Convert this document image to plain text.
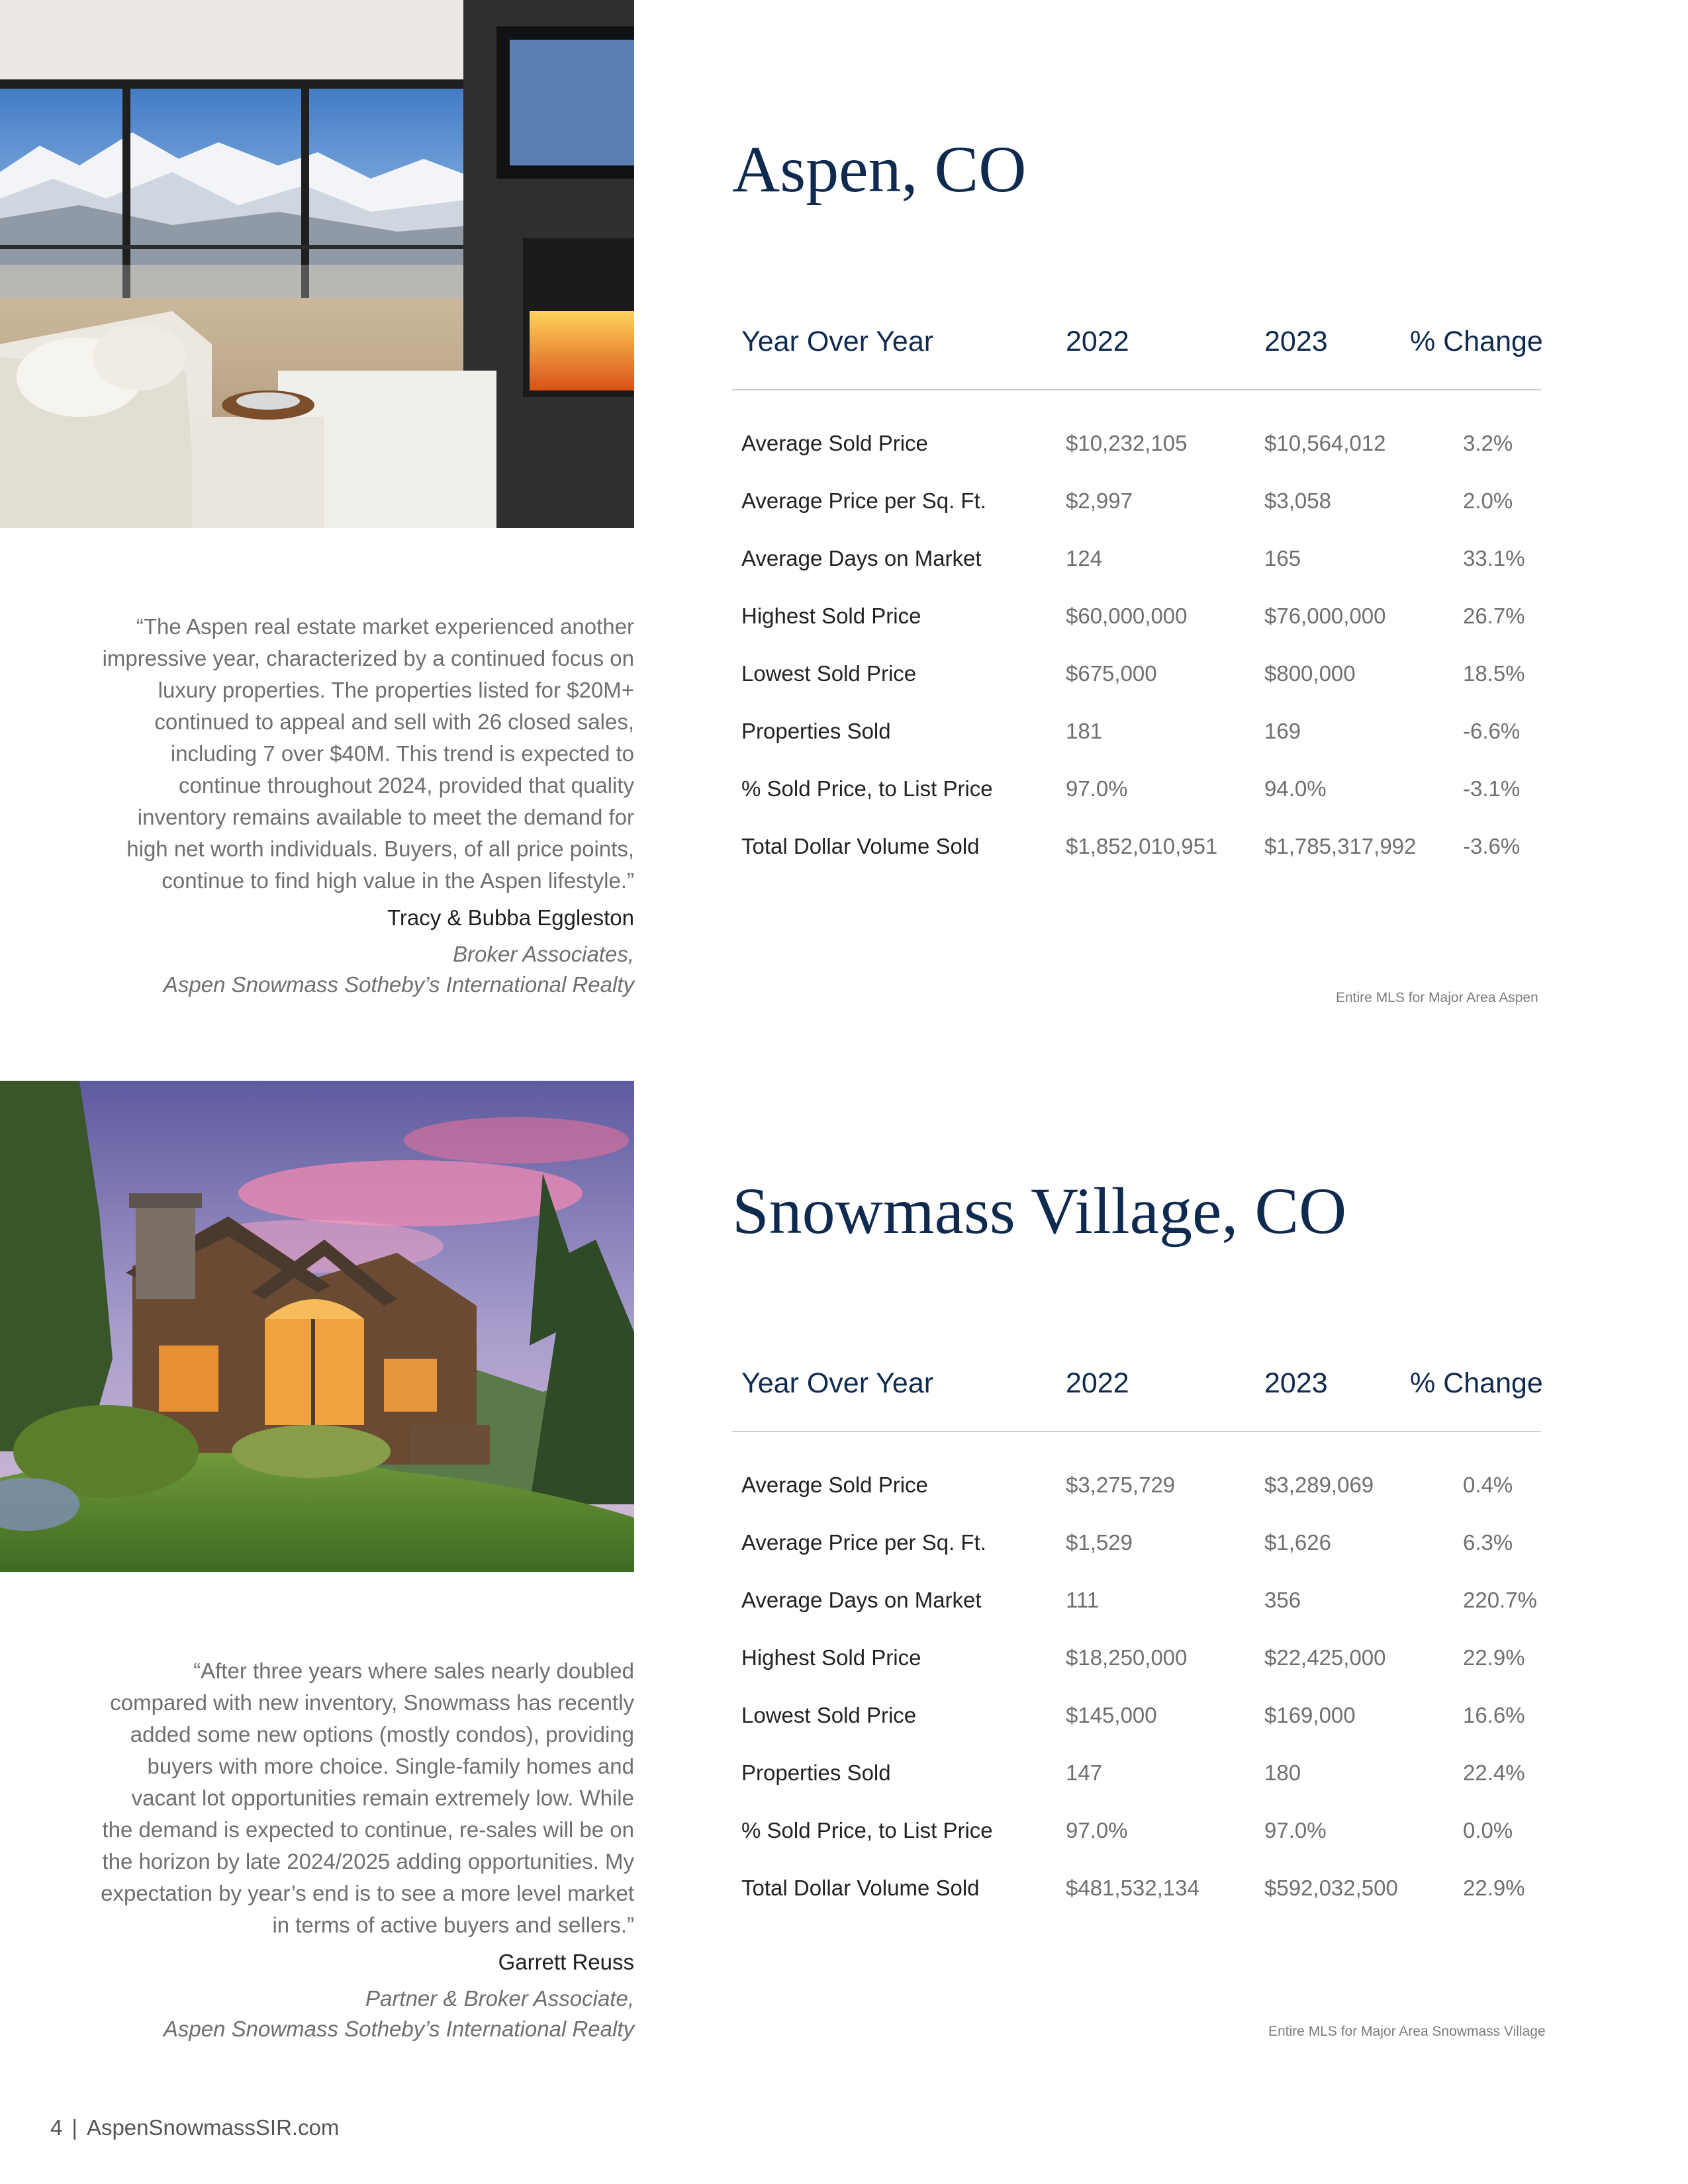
“The Aspen real estate market experienced another impressive year, characterized by a continued focus on luxury properties. The properties listed for $20M+ continued to appeal and sell with 26 closed sales, including 7 over $40M. This trend is expected to continue throughout 2024, provided that quality inventory remains available to meet the demand for high net worth individuals. Buyers, of all price points, continue to find high value in the Aspen lifestyle.”

Tracy & Bubba Eggleston
Broker Associates,
Aspen Snowmass Sotheby’s International Realty
Aspen, CO
Year Over Year	2022	2023	% Change
Average Sold Price	$10,232,105	$10,564,012	3.2%
Average Price per Sq. Ft.	$2,997	$3,058	2.0%
Average Days on Market	124	165	33.1%
Highest Sold Price	$60,000,000	$76,000,000	26.7%
Lowest Sold Price	$675,000	$800,000	18.5%
Properties Sold	181	169	-6.6%
% Sold Price, to List Price	97.0%	94.0%	-3.1%
Total Dollar Volume Sold	$1,852,010,951 $1,785,317,992 -3.6%
Entire MLS for Major Area Aspen

“After three years where sales nearly doubled compared with new inventory, Snowmass has recently added some new options (mostly condos), providing buyers with more choice. Single-family homes and vacant lot opportunities remain extremely low. While the demand is expected to continue, re-sales will be on the horizon by late 2024/2025 adding opportunities. My expectation by year’s end is to see a more level market in terms of active buyers and sellers.”

Garrett Reuss
Partner & Broker Associate,
Aspen Snowmass Sotheby’s International Realty
Snowmass Village, CO
Year Over Year	2022	2023	% Change
Average Sold Price	$3,275,729	$3,289,069	0.4%
Average Price per Sq. Ft.	$1,529	$1,626	6.3%
Average Days on Market	111	356	220.7%
Highest Sold Price	$18,250,000	$22,425,000	22.9%
Lowest Sold Price	$145,000	$169,000	16.6%
Properties Sold	147	180	22.4%
% Sold Price, to List Price	97.0%	97.0%	0.0%
Total Dollar Volume Sold	$481,532,134	$592,032,500	22.9%
Entire MLS for Major Area Snowmass Village
4 | AspenSnowmassSIR.com
